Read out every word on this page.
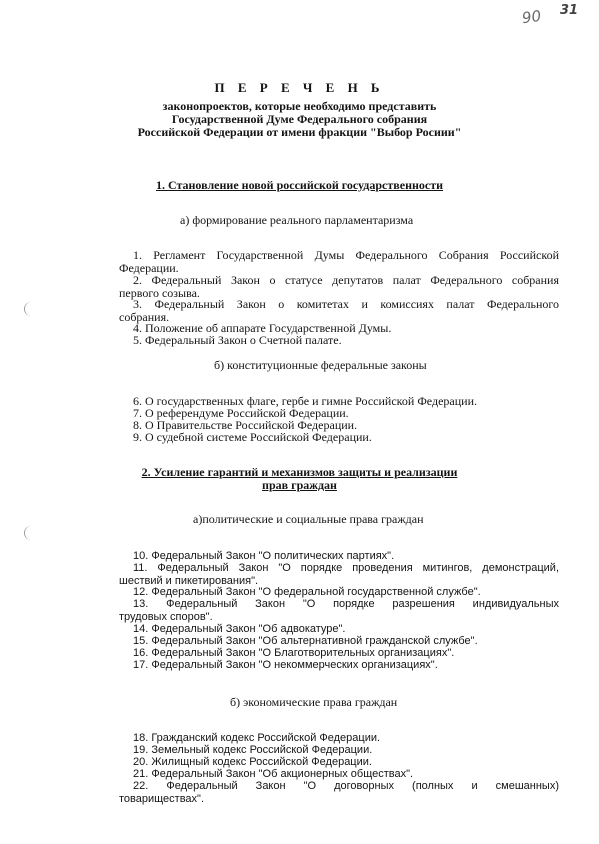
90 31
П Е Р Е Ч Е Н Ь
законопроектов, которые необходимо представить
Государственной Думе Федерального собрания
Российской Федерации от имени фракции "Выбор Росиии"
1. Становление новой российской государственности
а) формирование реального парламентаризма
1. Регламент Государственной Думы Федерального Собрания Российской
Федерации.
2. Федеральный Закон о статусе депутатов палат Федерального собрания
первого созыва.
3. Федеральный Закон о комитетах и комиссиях палат Федерального
собрания.
4. Положение об аппарате Государственной Думы.
5. Федеральный Закон о Счетной палате.
б) конституционные федеральные законы
6. О государственных флаге, гербе и гимне Российской Федерации.
7. О референдуме Российской Федерации.
8. О Правительстве Российской Федерации.
9. О судебной системе Российской Федерации.
2. Усиление гарантий и механизмов защиты и реализации
прав граждан
а)политические и социальные права граждан
10. Федеральный Закон "О политических партиях".
11. Федеральный Закон "О порядке проведения митингов, демонстраций,
шествий и пикетирования".
12. Федеральный Закон "О федеральной государственной службе".
13. Федеральный Закон "О порядке разрешения индивидуальных
трудовых споров".
14. Федеральный Закон "Об адвокатуре".
15. Федеральный Закон "Об альтернативной гражданской службе".
16. Федеральный Закон "О Благотворительных организациях".
17. Федеральный Закон "О некоммерческих организациях".
б) экономические права граждан
18. Гражданский кодекс Российской Федерации.
19. Земельный кодекс Российской Федерации.
20. Жилищный кодекс Российской Федерации.
21. Федеральный Закон "Об акционерных обществах".
22. Федеральный Закон "О договорных (полных и смешанных)
товариществах".
